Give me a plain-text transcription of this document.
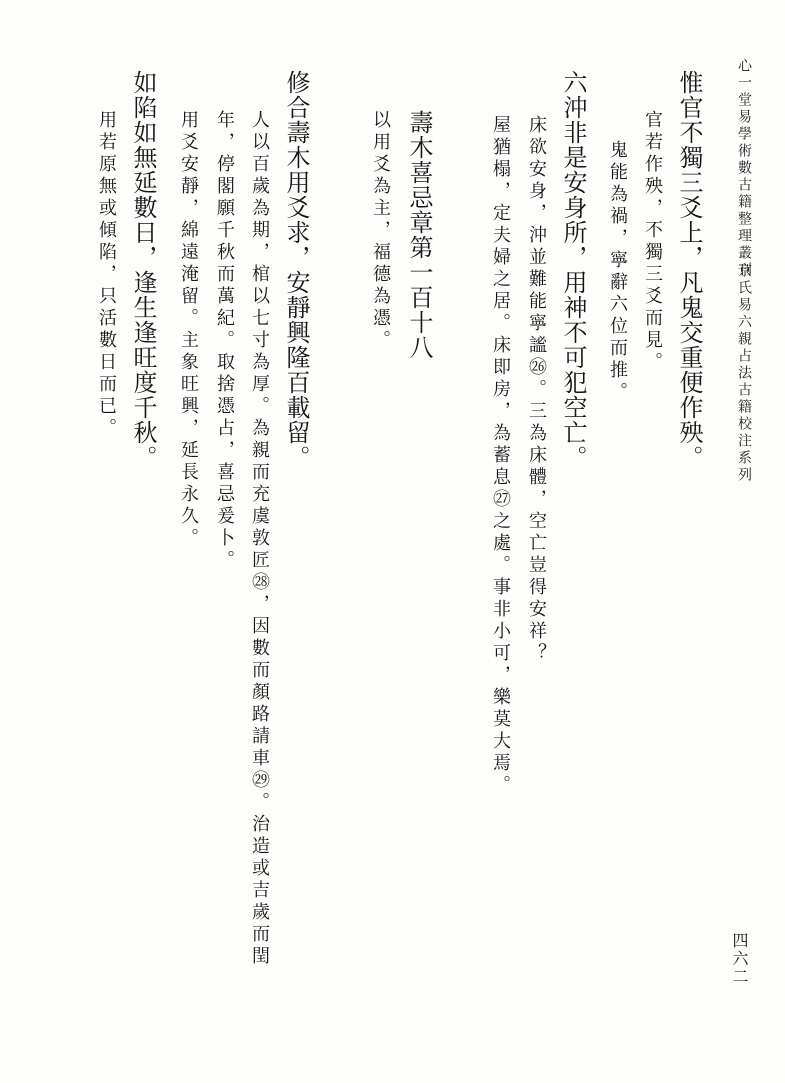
心一堂易學術數古籍整理叢刊
京氏易六親占法古籍校注系列
四六二
惟官不獨三爻上，凡鬼交重便作殃。
官若作殃，不獨三爻而見。
鬼能為禍，寧辭六位而推。
六沖非是安身所，用神不可犯空亡。
床欲安身，沖並難能寧謐㉖。三為床體，空亡豈得安祥？
屋猶榻，定夫婦之居。床即房，為蓄息㉗之處。事非小可，樂莫大焉。
壽木喜忌章第一百十八
以用爻為主，福德為憑。
修合壽木用爻求，安靜興隆百載留。
人以百歲為期，棺以七寸為厚。為親而充虞敦匠㉘，因數而顏路請車㉙。治造或吉歲而閏
年，停閣願千秋而萬紀。取捨憑占，喜忌爰卜。
用爻安靜，綿遠淹留。主象旺興，延長永久。
如陷如無延數日，逢生逢旺度千秋。
用若原無或傾陷，只活數日而已。
